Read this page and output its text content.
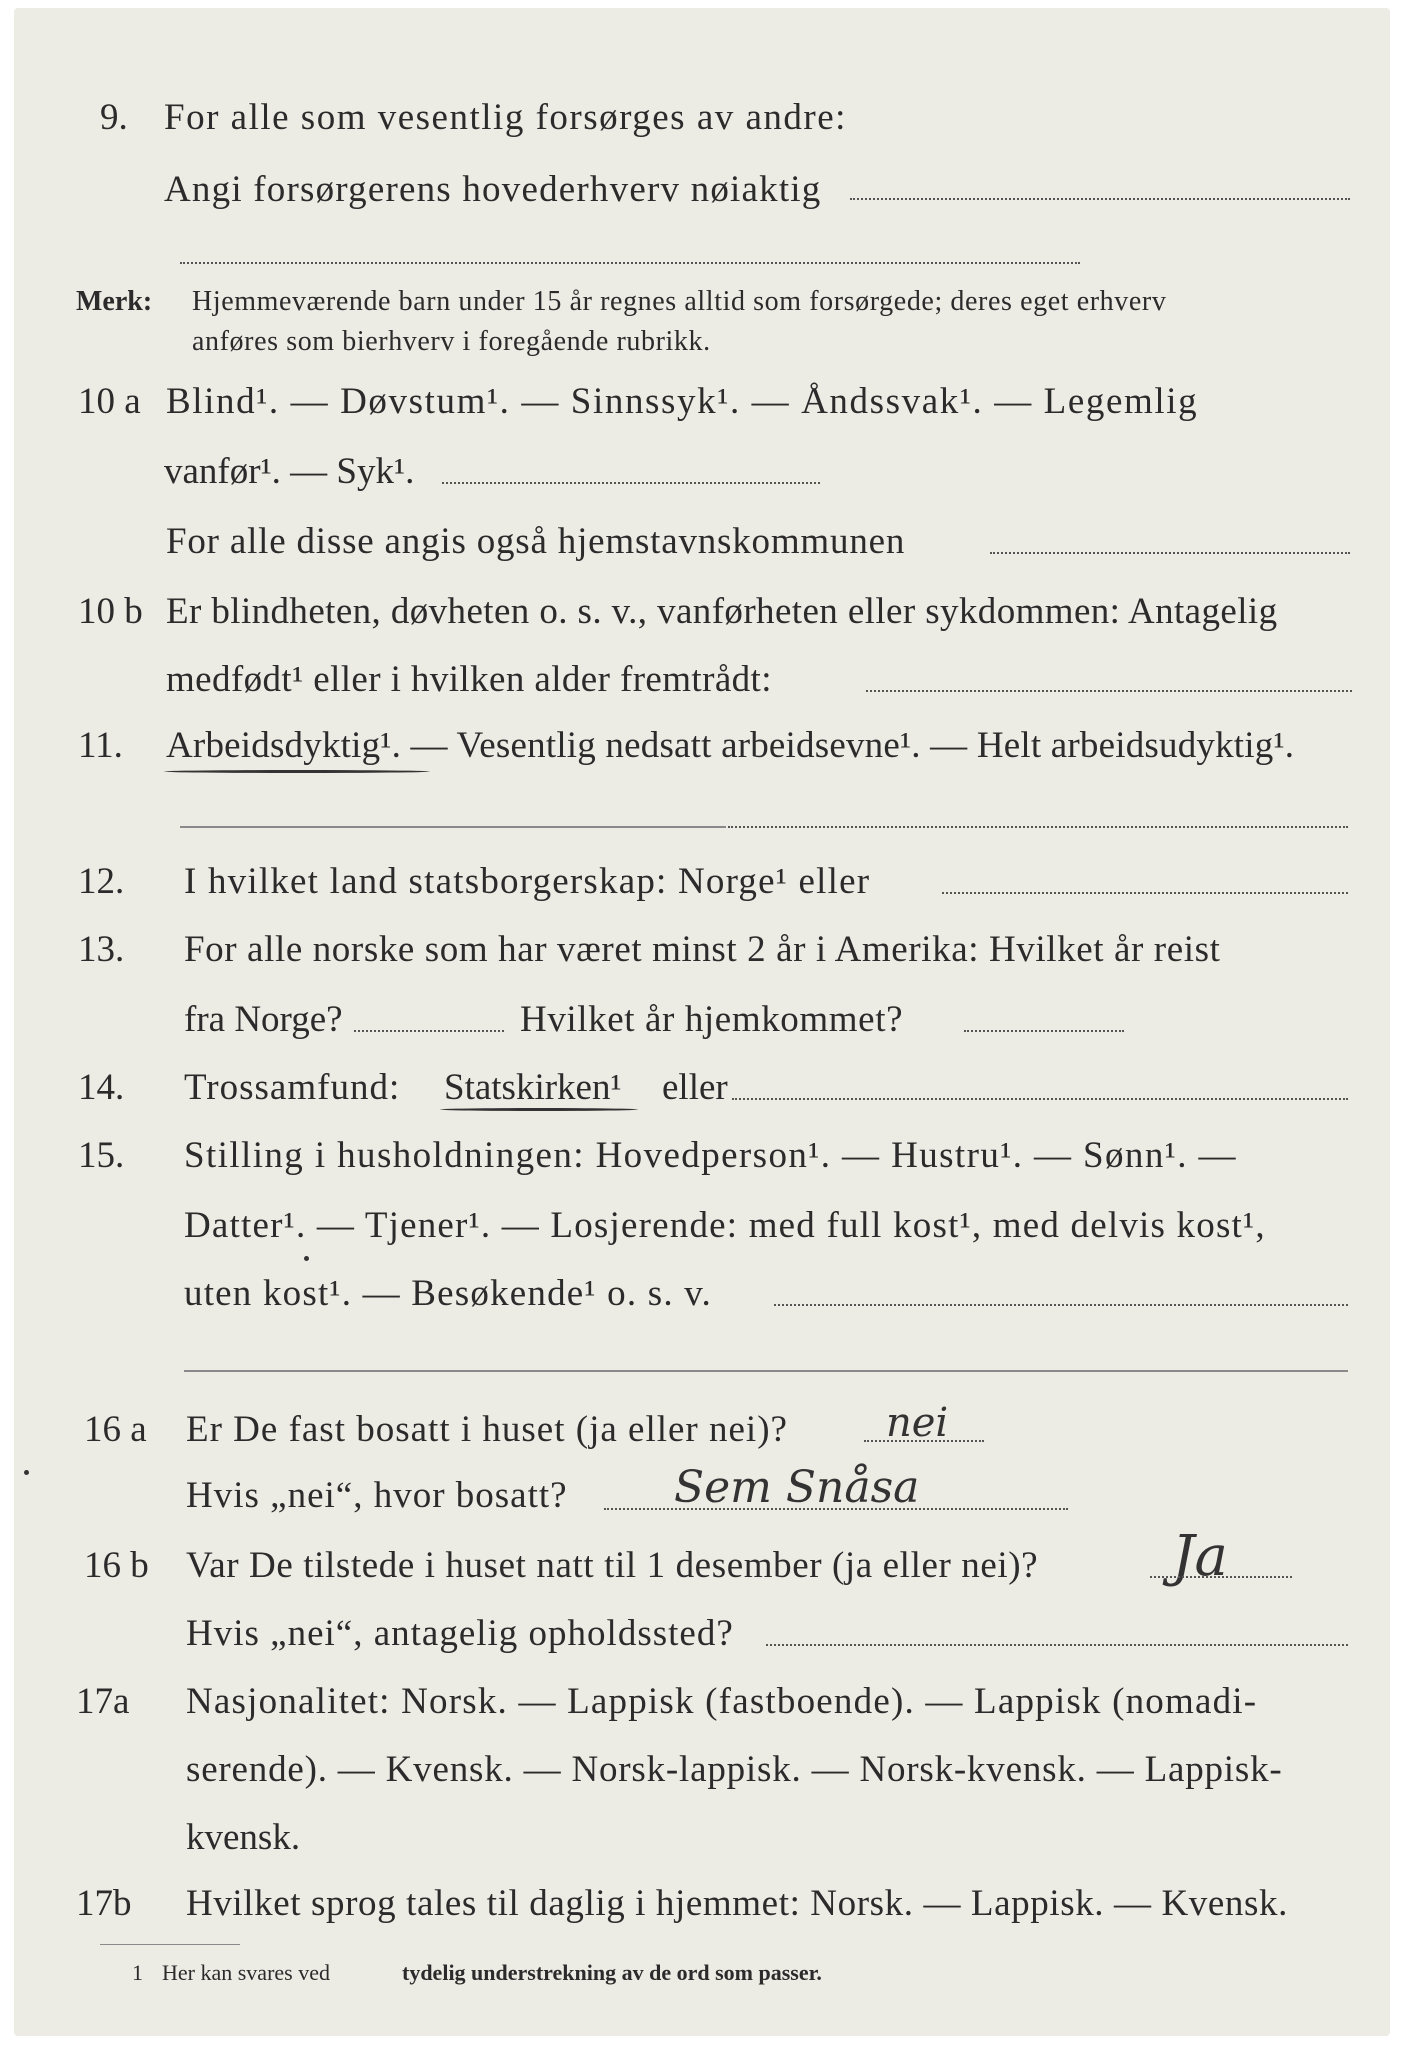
9. For alle som vesentlig forsørges av andre:
Angi forsørgerens hovederhverv nøiaktig
Merk: Hjemmeværende barn under 15 år regnes alltid som forsørgede; deres eget erhverv
anføres som bierhverv i foregående rubrikk.
10 a Blind¹. — Døvstum¹. — Sinnssyk¹. — Åndssvak¹. — Legemlig
vanfør¹. — Syk¹.
For alle disse angis også hjemstavnskommunen
10 b Er blindheten, døvheten o. s. v., vanførheten eller sykdommen: Antagelig
medfødt¹ eller i hvilken alder fremtrådt:
11. Arbeidsdyktig¹. — Vesentlig nedsatt arbeidsevne¹. — Helt arbeidsudyktig¹.
12. I hvilket land statsborgerskap: Norge¹ eller
13. For alle norske som har været minst 2 år i Amerika: Hvilket år reist
fra Norge?	Hvilket år hjemkommet?
14. Trossamfund: Statskirken¹ eller
15. Stilling i husholdningen: Hovedperson¹. — Hustru¹. — Sønn¹. —
Datter¹. — Tjener¹. — Losjerende: med full kost¹, med delvis kost¹,
uten kost¹. — Besøkende¹ o. s. v.
16 a Er De fast bosatt i huset (ja eller nei)? nei
Hvis „nei“, hvor bosatt? Sem Snåsa
16 b Var De tilstede i huset natt til 1 desember (ja eller nei)? Ja
Hvis „nei“, antagelig opholdssted?
17a Nasjonalitet: Norsk. — Lappisk (fastboende). — Lappisk (nomadi-
serende). — Kvensk. — Norsk-lappisk. — Norsk-kvensk. — Lappisk-
kvensk.
17b Hvilket sprog tales til daglig i hjemmet: Norsk. — Lappisk. — Kvensk.
1 Her kan svares ved	tydelig understrekning av de ord som passer.
